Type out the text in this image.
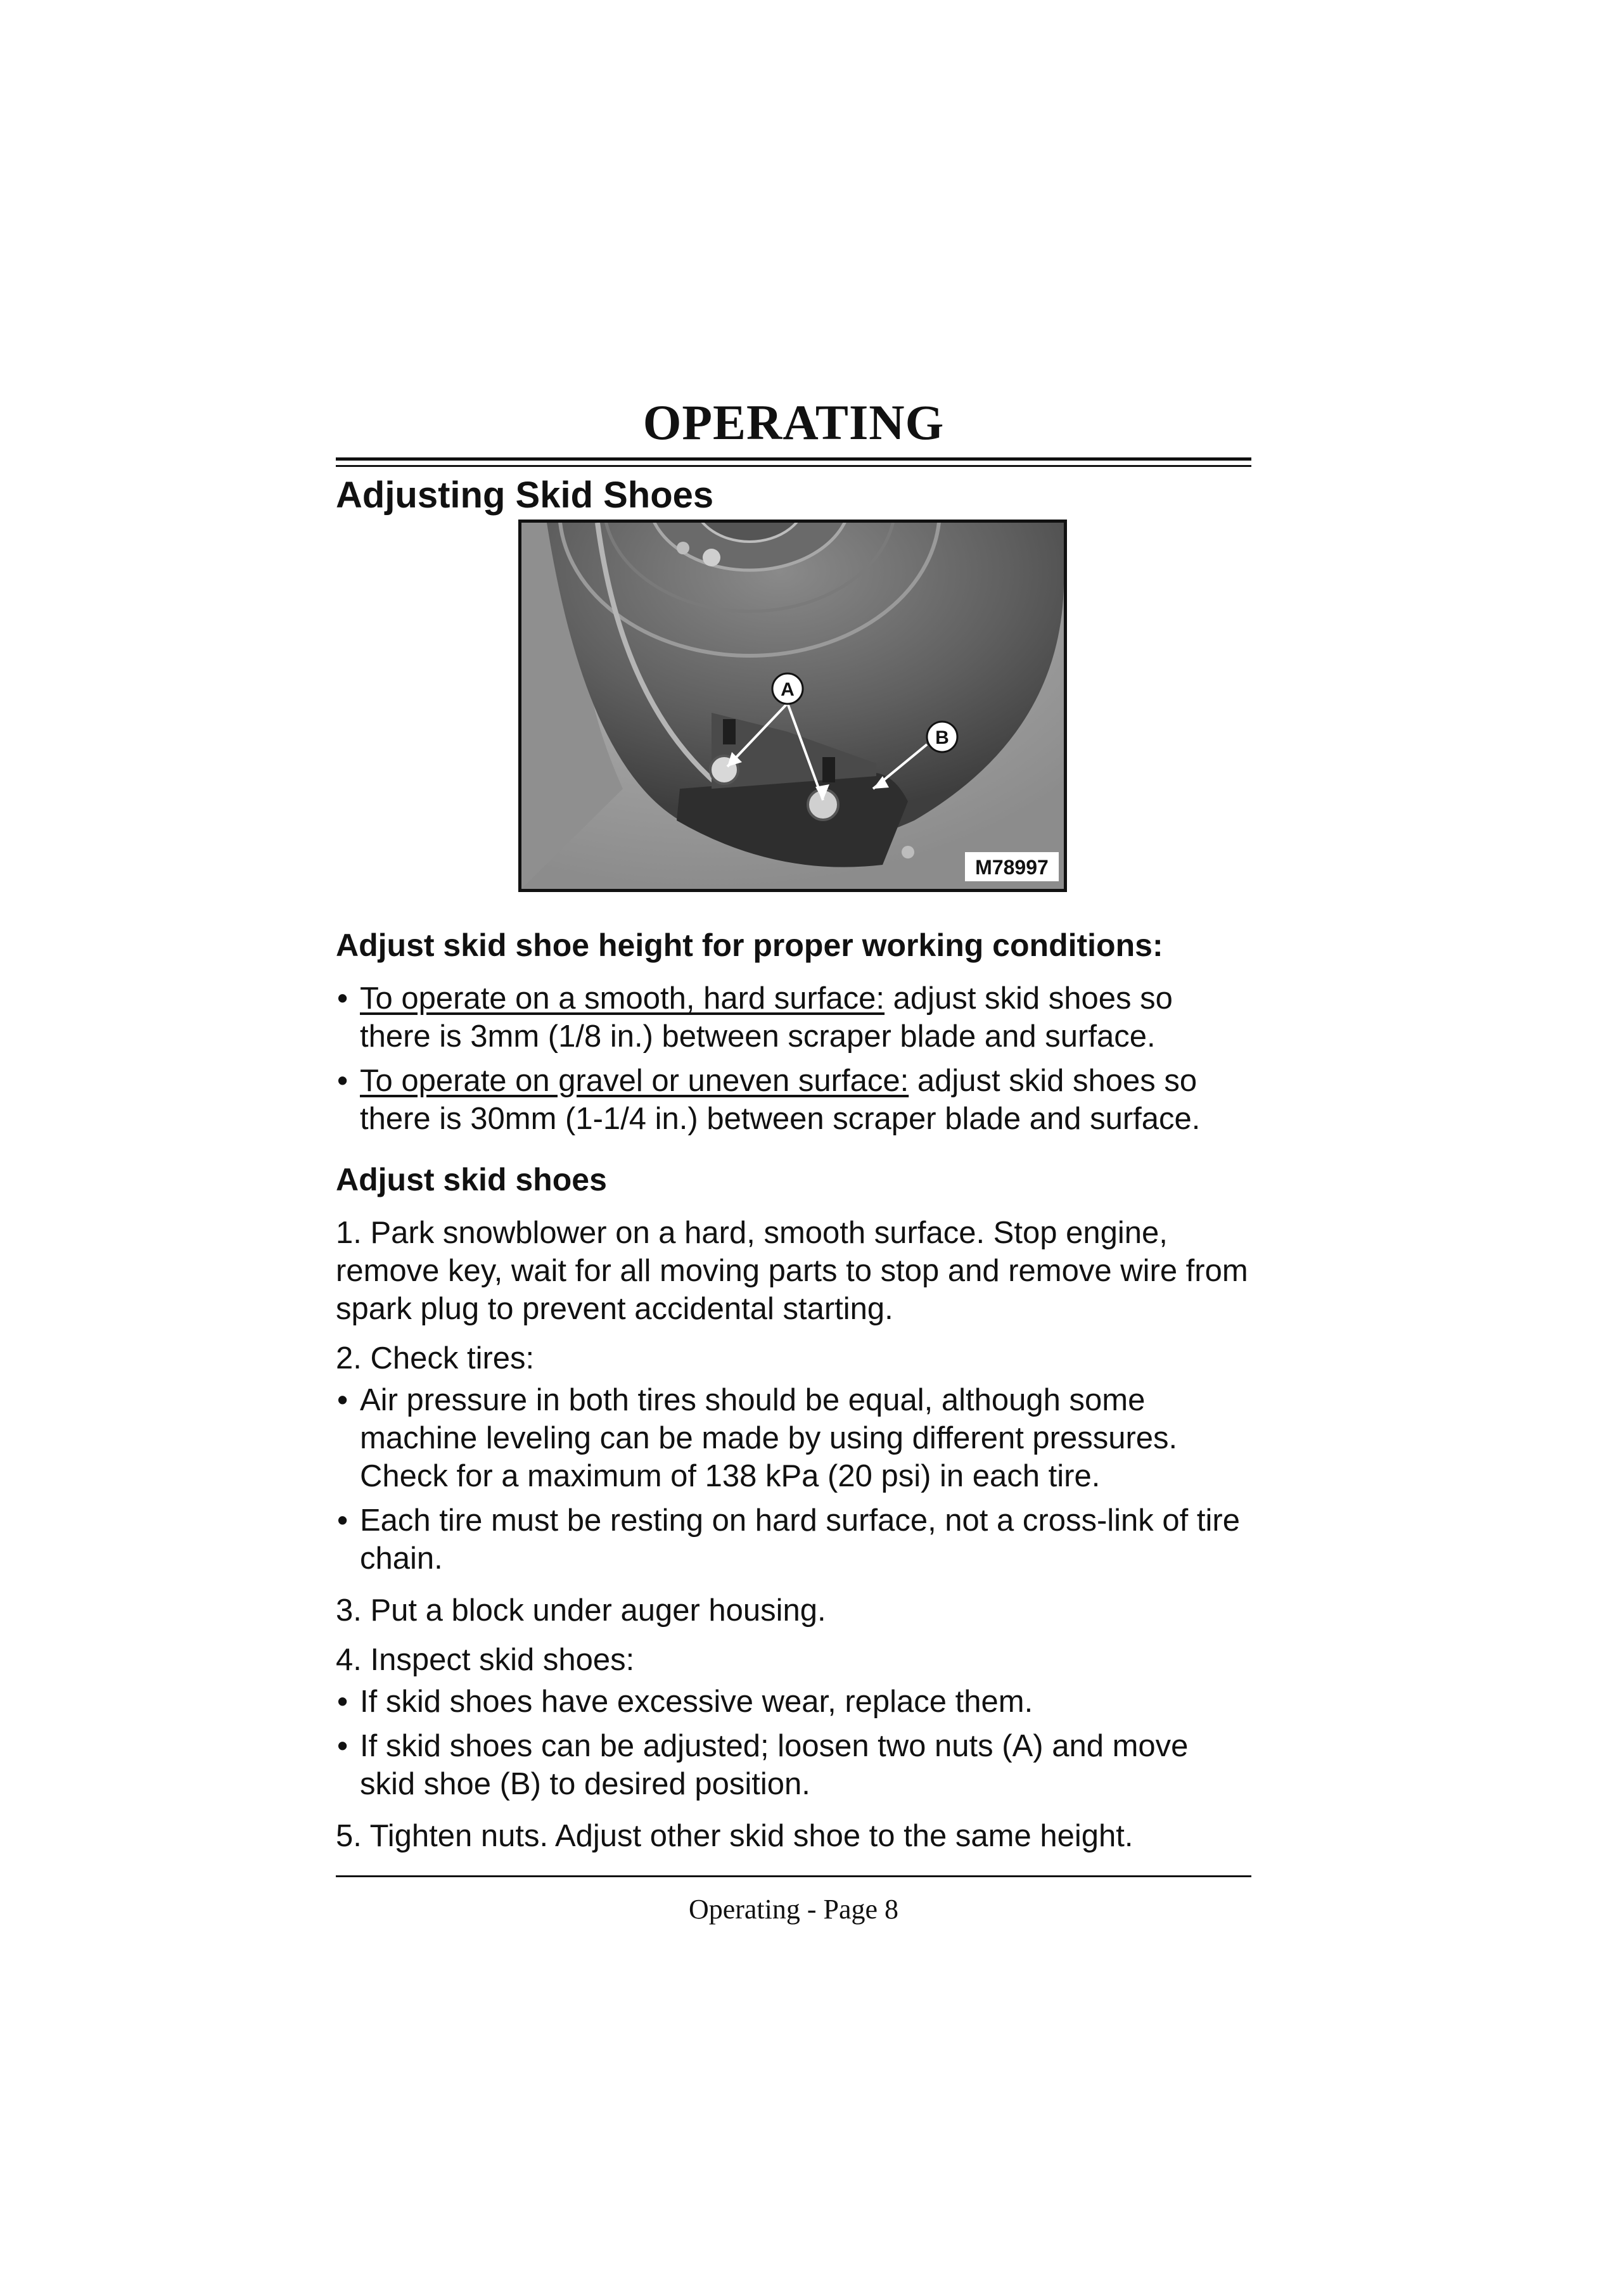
OPERATING
Adjusting Skid Shoes
A
B
M78997
Adjust skid shoe height for proper working conditions:
• To operate on a smooth, hard surface: adjust skid shoes so there is 3mm (1/8 in.) between scraper blade and surface.
• To operate on gravel or uneven surface: adjust skid shoes so there is 30mm (1-1/4 in.) between scraper blade and surface.
Adjust skid shoes
1. Park snowblower on a hard, smooth surface. Stop engine, remove key, wait for all moving parts to stop and remove wire from spark plug to prevent accidental starting.
2. Check tires:
• Air pressure in both tires should be equal, although some machine leveling can be made by using different pressures. Check for a maximum of 138 kPa (20 psi) in each tire.
• Each tire must be resting on hard surface, not a cross-link of tire chain.
3. Put a block under auger housing.
4. Inspect skid shoes:
• If skid shoes have excessive wear, replace them.
• If skid shoes can be adjusted; loosen two nuts (A) and move skid shoe (B) to desired position.
5. Tighten nuts. Adjust other skid shoe to the same height.
Operating - Page 8
